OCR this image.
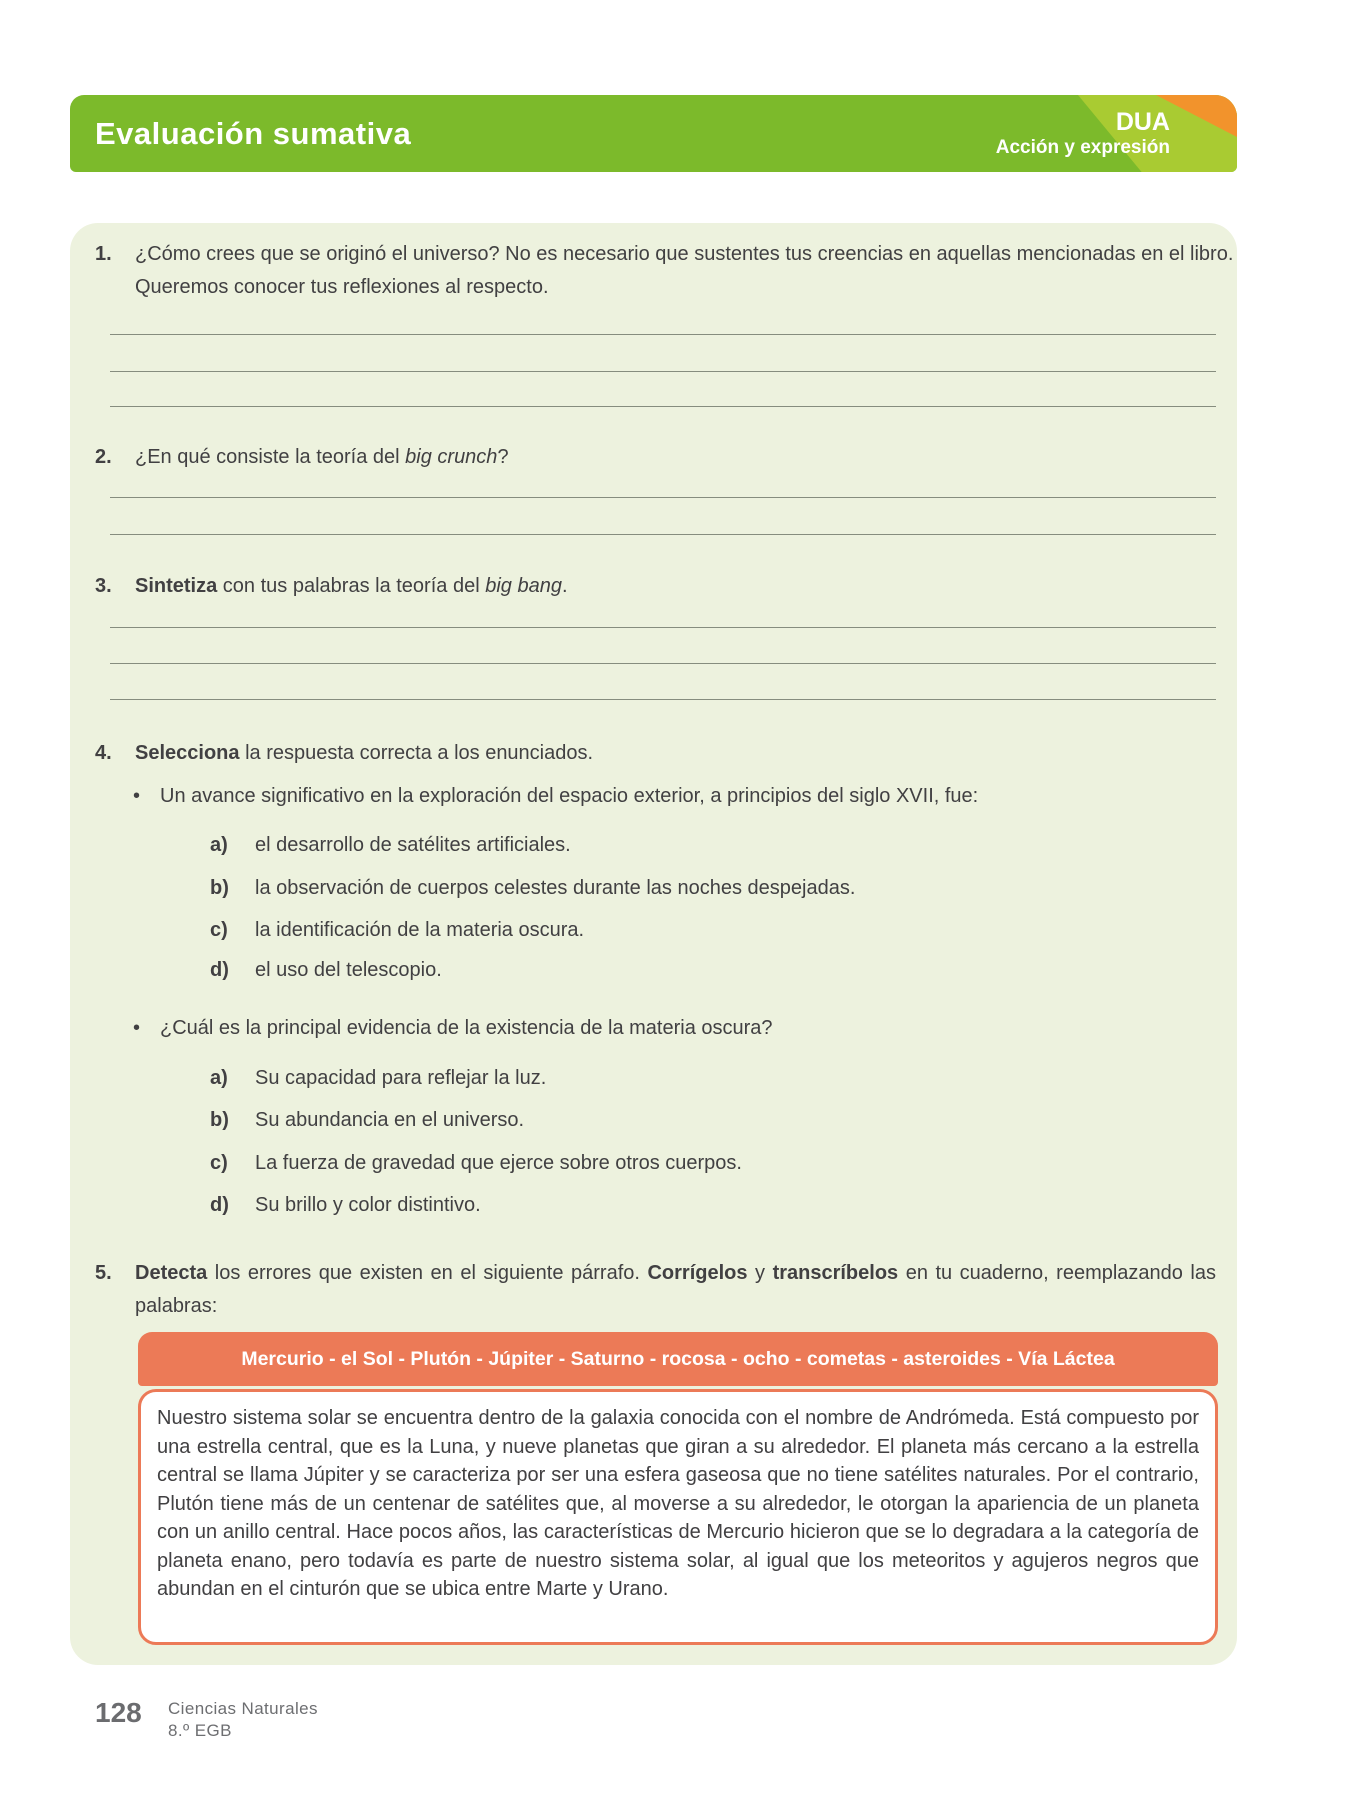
Evaluación sumativa	DUA
Acción y expresión
1. ¿Cómo crees que se originó el universo? No es necesario que sustentes tus creencias en aquellas mencionadas en el libro. Queremos conocer tus reflexiones al respecto.
2. ¿En qué consiste la teoría del big crunch?
3. Sintetiza con tus palabras la teoría del big bang.
4. Selecciona la respuesta correcta a los enunciados.
• Un avance significativo en la exploración del espacio exterior, a principios del siglo XVII, fue:
a) el desarrollo de satélites artificiales.
b) la observación de cuerpos celestes durante las noches despejadas.
c) la identificación de la materia oscura.
d) el uso del telescopio.
• ¿Cuál es la principal evidencia de la existencia de la materia oscura?
a) Su capacidad para reflejar la luz.
b) Su abundancia en el universo.
c) La fuerza de gravedad que ejerce sobre otros cuerpos.
d) Su brillo y color distintivo.
5. Detecta los errores que existen en el siguiente párrafo. Corrígelos y transcríbelos en tu cuaderno, reemplazando las palabras:
Mercurio - el Sol - Plutón - Júpiter - Saturno - rocosa - ocho - cometas - asteroides - Vía Láctea
Nuestro sistema solar se encuentra dentro de la galaxia conocida con el nombre de Andrómeda. Está compuesto por una estrella central, que es la Luna, y nueve planetas que giran a su alrededor. El planeta más cercano a la estrella central se llama Júpiter y se caracteriza por ser una esfera gaseosa que no tiene satélites naturales. Por el contrario, Plutón tiene más de un centenar de satélites que, al moverse a su alrededor, le otorgan la apariencia de un planeta con un anillo central. Hace pocos años, las características de Mercurio hicieron que se lo degradara a la categoría de planeta enano, pero todavía es parte de nuestro sistema solar, al igual que los meteoritos y agujeros negros que abundan en el cinturón que se ubica entre Marte y Urano.
128 Ciencias Naturales
8.º EGB
